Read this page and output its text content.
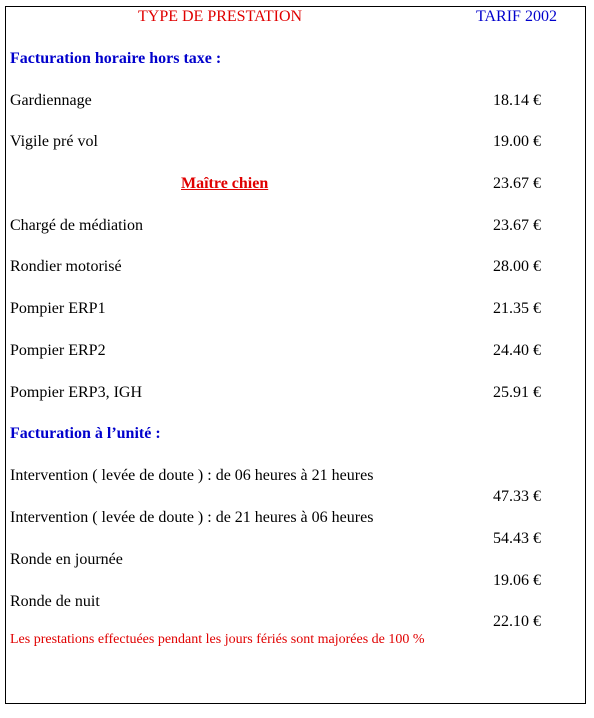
TYPE DE PRESTATION	TARIF 2002
Facturation horaire hors taxe :
Gardiennage	18.14 €
Vigile pré vol	19.00 €
Maître chien	23.67 €
Chargé de médiation	23.67 €
Rondier motorisé	28.00 €
Pompier ERP1	21.35 €
Pompier ERP2	24.40 €
Pompier ERP3, IGH	25.91 €
Facturation à l’unité :
Intervention ( levée de doute ) : de 06 heures à 21 heures
47.33 €
Intervention ( levée de doute ) : de 21 heures à 06 heures
54.43 €
Ronde en journée
19.06 €
Ronde de nuit
22.10 €
Les prestations effectuées pendant les jours fériés sont majorées de 100 %
